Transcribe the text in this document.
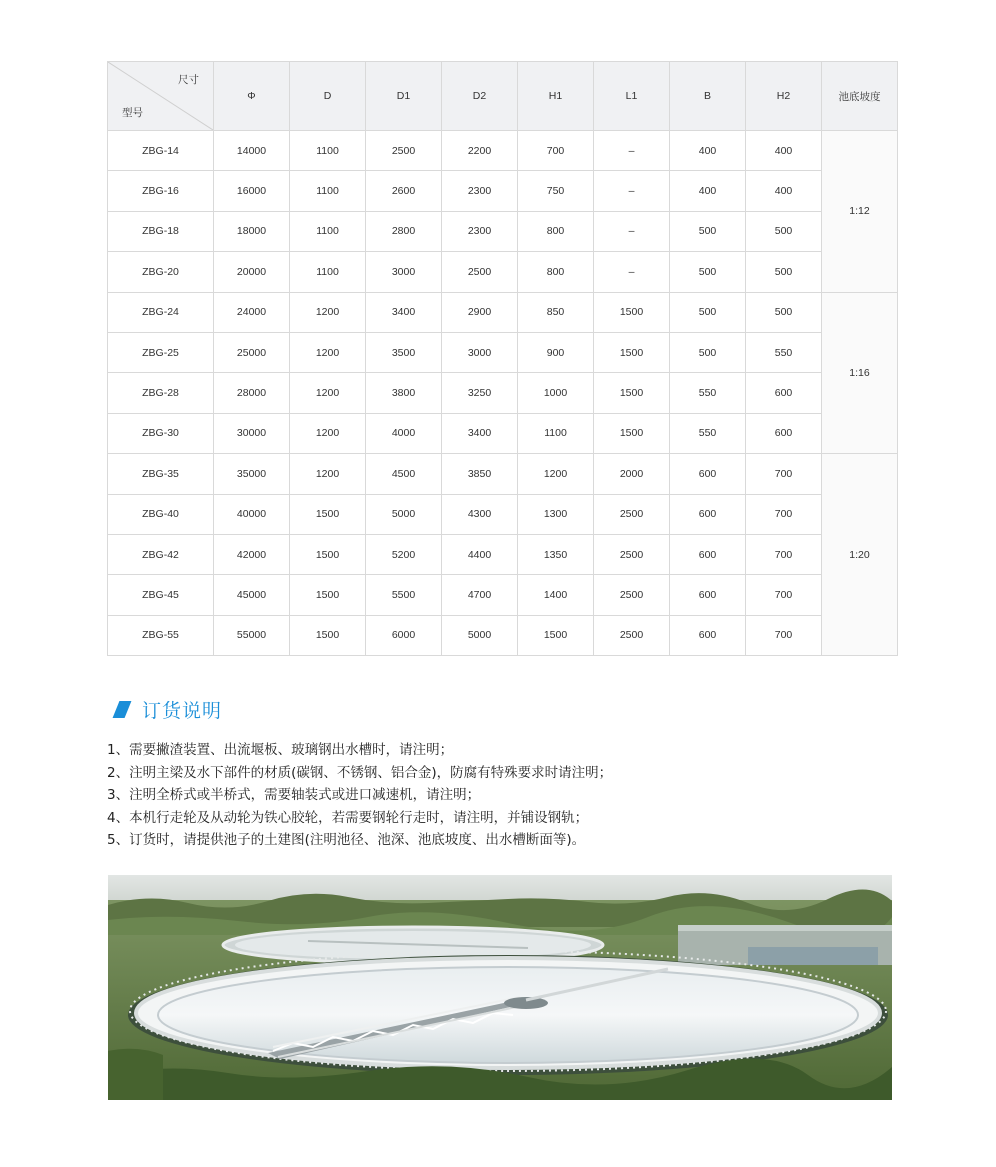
尺寸
型号	Φ	D	D1	D2	H1	L1	B	H2	池底坡度
ZBG-14	14000	1100	2500	2200	700	–	400	400	1:12
ZBG-16	16000	1100	2600	2300	750	–	400	400	
ZBG-18	18000	1100	2800	2300	800	–	500	500	
ZBG-20	20000	1100	3000	2500	800	–	500	500	
ZBG-24	24000	1200	3400	2900	850	1500	500	500	1:16
ZBG-25	25000	1200	3500	3000	900	1500	500	550	
ZBG-28	28000	1200	3800	3250	1000	1500	550	600	
ZBG-30	30000	1200	4000	3400	1100	1500	550	600	
ZBG-35	35000	1200	4500	3850	1200	2000	600	700	1:20
ZBG-40	40000	1500	5000	4300	1300	2500	600	700	
ZBG-42	42000	1500	5200	4400	1350	2500	600	700	
ZBG-45	45000	1500	5500	4700	1400	2500	600	700	
ZBG-55	55000	1500	6000	5000	1500	2500	600	700	
订货说明
1、需要撇渣装置、出流堰板、玻璃钢出水槽时，请注明；
2、注明主梁及水下部件的材质(碳钢、不锈钢、铝合金)，防腐有特殊要求时请注明；
3、注明全桥式或半桥式，需要轴装式或进口减速机，请注明；
4、本机行走轮及从动轮为铁心胶轮，若需要钢轮行走时，请注明，并铺设钢轨；
5、订货时，请提供池子的土建图(注明池径、池深、池底坡度、出水槽断面等)。
